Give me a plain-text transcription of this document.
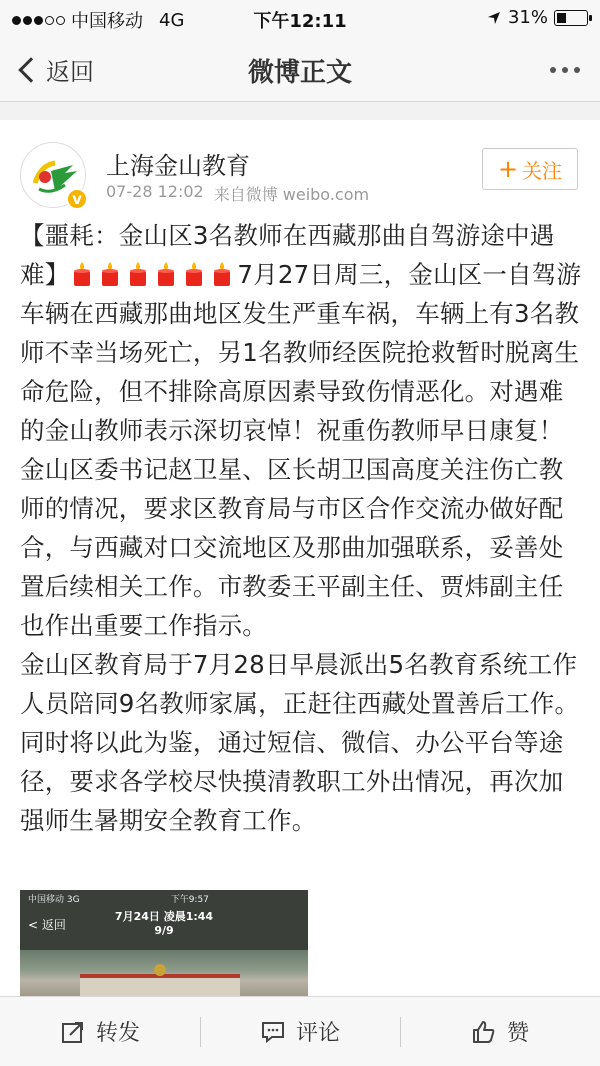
中国移动 4G	下午12:11	31%
返回	微博正文
v
上海金山教育
07-28 12:02 来自微博 weibo.com
+ 关注

【噩耗：金山区3名教师在西藏那曲自驾游途中遇难】	7月27日周三，金山区一自驾游车辆在西藏那曲地区发生严重车祸，车辆上有3名教师不幸当场死亡，另1名教师经医院抢救暂时脱离生命危险，但不排除高原因素导致伤情恶化。对遇难的金山教师表示深切哀悼！祝重伤教师早日康复！

金山区委书记赵卫星、区长胡卫国高度关注伤亡教师的情况，要求区教育局与市区合作交流办做好配合，与西藏对口交流地区及那曲加强联系，妥善处置后续相关工作。市教委王平副主任、贾炜副主任也作出重要工作指示。

金山区教育局于7月28日早晨派出5名教育系统工作人员陪同9名教师家属，正赶往西藏处置善后工作。同时将以此为鉴，通过短信、微信、办公平台等途径，要求各学校尽快摸清教职工外出情况，再次加强师生暑期安全教育工作。

中国移动 3G	下午9:57
< 返回
7月24日 凌晨1:44
9/9
转发	评论	赞
